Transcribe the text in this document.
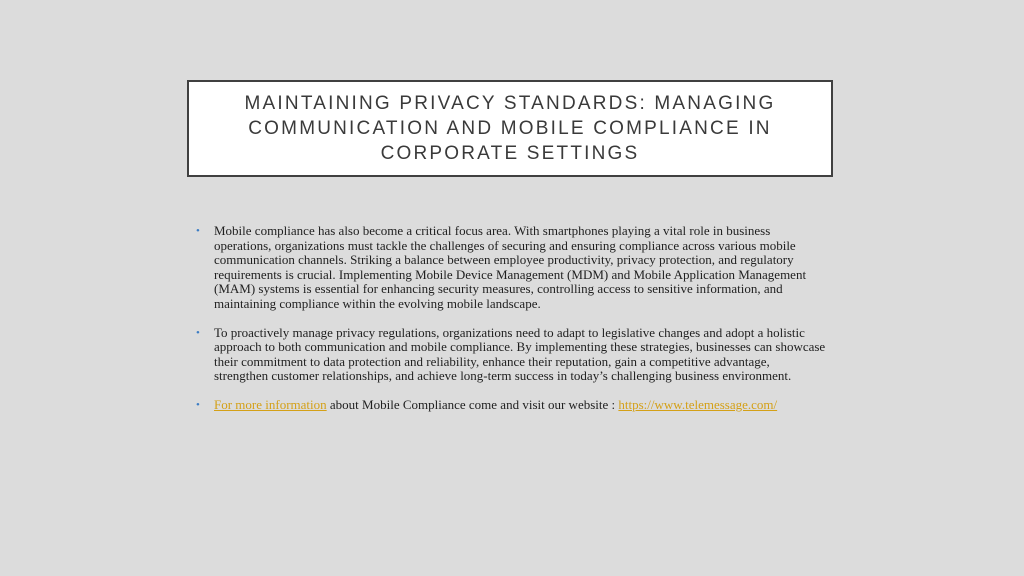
MAINTAINING PRIVACY STANDARDS: MANAGING
COMMUNICATION AND MOBILE COMPLIANCE IN
CORPORATE SETTINGS
• Mobile compliance has also become a critical focus area. With smartphones playing a vital role in business operations, organizations must tackle the challenges of securing and ensuring compliance across various mobile communication channels. Striking a balance between employee productivity, privacy protection, and regulatory requirements is crucial. Implementing Mobile Device Management (MDM) and Mobile Application Management (MAM) systems is essential for enhancing security measures, controlling access to sensitive information, and maintaining compliance within the evolving mobile landscape.
• To proactively manage privacy regulations, organizations need to adapt to legislative changes and adopt a holistic approach to both communication and mobile compliance. By implementing these strategies, businesses can showcase their commitment to data protection and reliability, enhance their reputation, gain a competitive advantage, strengthen customer relationships, and achieve long-term success in today’s challenging business environment.
• For more information about Mobile Compliance come and visit our website : https://www.telemessage.com/
